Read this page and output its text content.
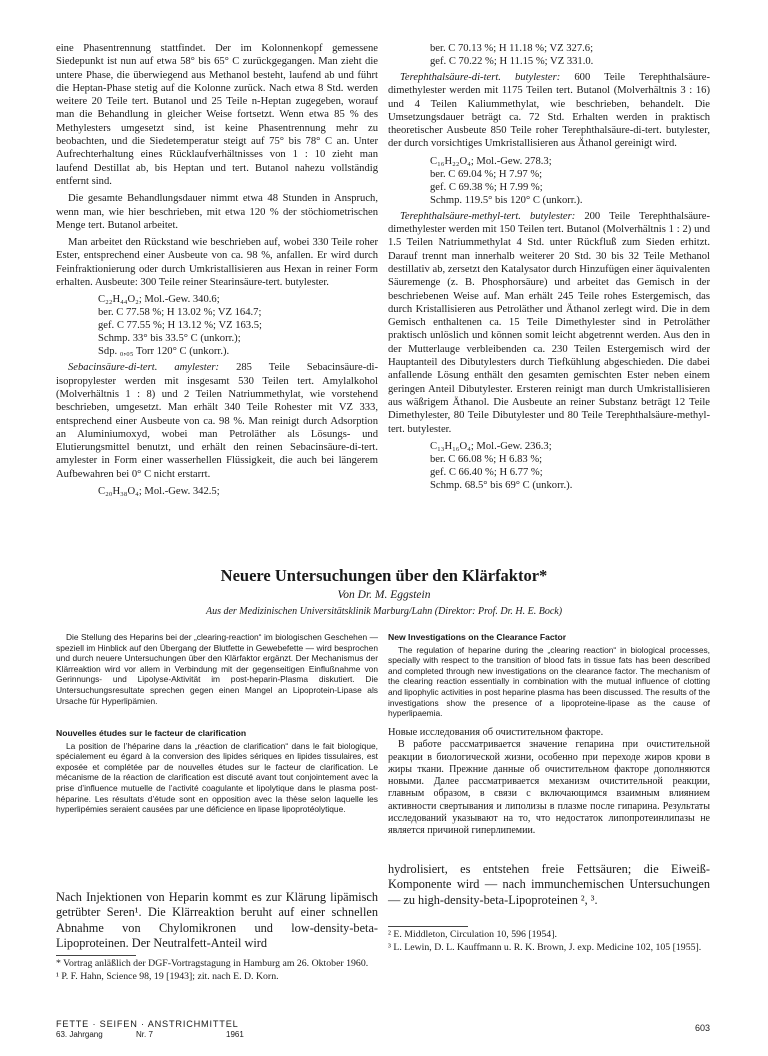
eine Phasentrennung stattfindet. Der im Kolonnenkopf gemessene Siedepunkt ist nun auf etwa 58° bis 65° C zurückgegangen. Man zieht die untere Phase, die überwiegend aus Methanol besteht, laufend ab und führt die Heptan-Phase stetig auf die Kolonne zurück. Nach etwa 8 Std. werden weitere 20 Teile tert. Butanol und 25 Teile n-Heptan zugegeben, worauf man die Behandlung in gleicher Weise fortsetzt. Wenn etwa 85 % des Methylesters umgesetzt sind, ist keine Phasentrennung mehr zu beobachten, und die Siedetemperatur steigt auf 75° bis 78° C an. Unter Aufrechterhaltung eines Rücklaufverhältnisses von 1 : 10 zieht man laufend Destillat ab, bis Heptan und tert. Butanol nahezu vollständig entfernt sind.

Die gesamte Behandlungsdauer nimmt etwa 48 Stunden in Anspruch, wenn man, wie hier beschrieben, mit etwa 120 % der stöchiometrischen Menge tert. Butanol arbeitet.

Man arbeitet den Rückstand wie beschrieben auf, wobei 330 Teile roher Ester, entsprechend einer Ausbeute von ca. 98 %, anfallen. Er wird durch Feinfraktionierung oder durch Umkristallisieren aus Hexan in reiner Form erhalten. Ausbeute: 300 Teile reiner Stearinsäure-tert. butylester.

C₂₂H₄₄O₂; Mol.-Gew. 340.6;
ber. C 77.58 %; H 13.02 %; VZ 164.7;
gef. C 77.55 %; H 13.12 %; VZ 163.5;
Schmp. 33° bis 33.5° C (unkorr.);
Sdp. ₀,₀₅ Torr 120° C (unkorr.).

Sebacinsäure-di-tert. amylester: 285 Teile Sebacinsäure-di-isopropylester werden mit insgesamt 530 Teilen tert. Amylalkohol (Molverhältnis 1 : 8) und 2 Teilen Natriummethylat, wie vorstehend beschrieben, umgesetzt. Man erhält 340 Teile Rohester mit VZ 333, entsprechend einer Ausbeute von ca. 98 %. Man reinigt durch Adsorption an Aluminiumoxyd, wobei man Petroläther als Lösungs- und Elutierungsmittel benutzt, und erhält den reinen Sebacinsäure-di-tert. amylester in Form einer wasserhellen Flüssigkeit, die auch bei längerem Aufbewahren bei 0° C nicht erstarrt.

C₂₀H₃₈O₄; Mol.-Gew. 342.5;
ber. C 70.13 %; H 11.18 %; VZ 327.6;
gef. C 70.22 %; H 11.15 %; VZ 331.0.

Terephthalsäure-di-tert. butylester: 600 Teile Terephthalsäure-dimethylester werden mit 1175 Teilen tert. Butanol (Molverhältnis 3 : 16) und 4 Teilen Kaliummethylat, wie beschrieben, behandelt. Die Umsetzungsdauer beträgt ca. 72 Std. Erhalten werden in praktisch theoretischer Ausbeute 850 Teile roher Terephthalsäure-di-tert. butylester, der durch vorsichtiges Umkristallisieren aus Äthanol gereinigt wird.

C₁₆H₂₂O₄; Mol.-Gew. 278.3;
ber. C 69.04 %; H 7.97 %;
gef. C 69.38 %; H 7.99 %;
Schmp. 119.5° bis 120° C (unkorr.).

Terephthalsäure-methyl-tert. butylester: 200 Teile Terephthalsäure-dimethylester werden mit 150 Teilen tert. Butanol (Molverhältnis 1 : 2) und 1.5 Teilen Natriummethylat 4 Std. unter Rückfluß zum Sieden erhitzt. Darauf trennt man innerhalb weiterer 20 Std. 30 bis 32 Teile Methanol destillativ ab, zersetzt den Katalysator durch Hinzufügen einer äquivalenten Säuremenge (z. B. Phosphorsäure) und arbeitet das Gemisch in der beschriebenen Weise auf. Man erhält 245 Teile rohes Estergemisch, das durch Kristallisieren aus Petroläther und Äthanol zerlegt wird. Die in dem Gemisch enthaltenen ca. 15 Teile Dimethylester sind in Petroläther praktisch unlöslich und können somit leicht abgetrennt werden. Aus den in der Mutterlauge verbleibenden ca. 230 Teilen Estergemisch wird der Hauptanteil des Dibutylesters durch Tiefkühlung abgeschieden. Die dabei anfallende Lösung enthält den gesamten gemischten Ester neben einem geringen Anteil Dibutylester. Ersteren reinigt man durch Umkristallisieren aus wäßrigem Äthanol. Die Ausbeute an reiner Substanz beträgt 12 Teile Dimethylester, 80 Teile Dibutylester und 80 Teile Terephthalsäure-methyl-tert. butylester.

C₁₃H₁₆O₄; Mol.-Gew. 236.3;
ber. C 66.08 %; H 6.83 %;
gef. C 66.40 %; H 6.77 %;
Schmp. 68.5° bis 69° C (unkorr.).
Neuere Untersuchungen über den Klärfaktor*
Von Dr. M. Eggstein
Aus der Medizinischen Universitätsklinik Marburg/Lahn (Direktor: Prof. Dr. H. E. Bock)

Die Stellung des Heparins bei der „clearing-reaction“ im biologischen Geschehen — speziell im Hinblick auf den Übergang der Blutfette in Gewebefette — wird besprochen und durch neuere Untersuchungen über den Klärfaktor ergänzt. Der Mechanismus der Klärreaktion wird vor allem in Verbindung mit der gegenseitigen Einflußnahme von Gerinnungs- und Lipolyse-Aktivität im post-heparin-Plasma diskutiert. Die Untersuchungsresultate sprechen gegen einen Mangel an Lipoprotein-Lipase als Ursache für Hyperlipämien.

Nouvelles études sur le facteur de clarification

La position de l’héparine dans la „réaction de clarification“ dans le fait biologique, spécialement eu égard à la conversion des lipides sériques en lipides tissulaires, est exposée et complétée par de nouvelles études sur le facteur de clarification. Le mécanisme de la réaction de clarification est discuté avant tout conjointement avec la prise d’influence mutuelle de l’activité coagulante et lipolytique dans le plasma post-héparine. Les résultats d’étude sont en opposition avec la thèse selon laquelle les hyperlipémies seraient causées par une déficience en lipase lipoprotéolytique.

New Investigations on the Clearance Factor

The regulation of heparine during the „clearing reaction“ in biological processes, specially with respect to the transition of blood fats in tissue fats has been described and completed through new investigations on the clearance factor. The mechanism of the clearing reaction essentially in combination with the mutual influence of clotting and lipophylic activities in post heparine plasma has been discussed. The results of the investigations show the presence of a lipoproteine-lipase as the cause of hyperlipaemia.

Новые исследования об очистительном факторе.

В работе рассматривается значение гепарина при очистительной реакции в биологической жизни, особенно при переходе жиров крови в жиры ткани. Прежние данные об очистительном факторе дополняются новыми. Далее рассматривается механизм очистительной реакции, главным образом, в связи с включающимся взаимным влиянием активности свертывания и липолизы в плазме после гипарина. Результаты исследований указывают на то, что недостаток липопротеинлипазы не является причиной гиперлипемии.

Nach Injektionen von Heparin kommt es zur Klärung lipämisch getrübter Seren¹. Die Klärreaktion beruht auf einer schnellen Abnahme von Chylomikronen und low-density-beta-Lipoproteinen. Der Neutralfett-Anteil wird
hydrolisiert, es entstehen freie Fettsäuren; die Eiweiß-Komponente wird — nach immunchemischen Untersuchungen — zu high-density-beta-Lipoproteinen ², ³.
* Vortrag anläßlich der DGF-Vortragstagung in Hamburg am 26. Oktober 1960.
¹ P. F. Hahn, Science 98, 19 [1943]; zit. nach E. D. Korn.
² E. Middleton, Circulation 10, 596 [1954].
³ L. Lewin, D. L. Kauffmann u. R. K. Brown, J. exp. Medicine 102, 105 [1955].
FETTE · SEIFEN · ANSTRICHMITTEL
63. Jahrgang	Nr. 7	1961
603
